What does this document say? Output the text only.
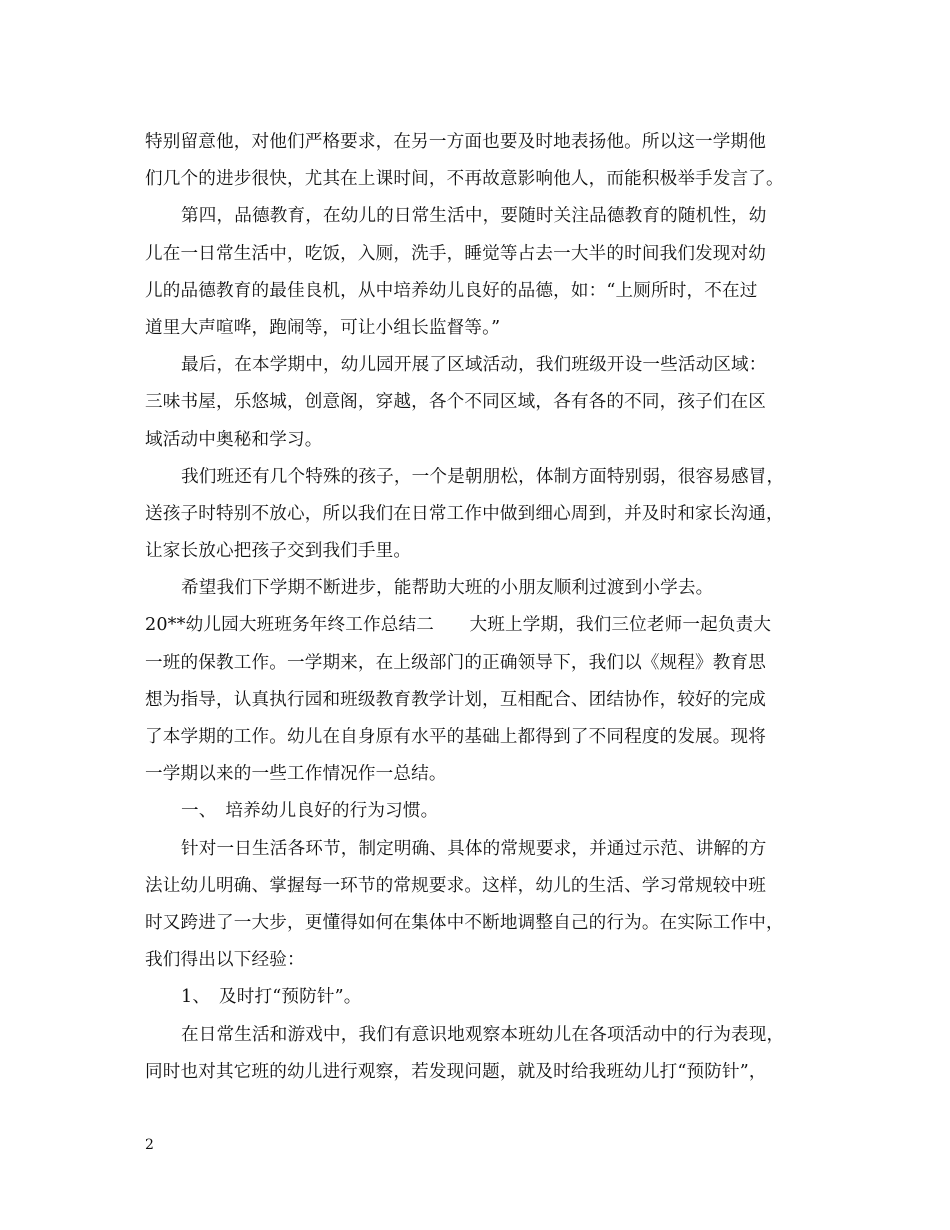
特别留意他，对他们严格要求，在另一方面也要及时地表扬他。所以这一学期他
们几个的进步很快，尤其在上课时间，不再故意影响他人，而能积极举手发言了。
第四，品德教育，在幼儿的日常生活中，要随时关注品德教育的随机性，幼
儿在一日常生活中，吃饭，入厕，洗手，睡觉等占去一大半的时间我们发现对幼
儿的品德教育的最佳良机，从中培养幼儿良好的品德，如：“上厕所时，不在过
道里大声喧哗，跑闹等，可让小组长监督等。”
最后，在本学期中，幼儿园开展了区域活动，我们班级开设一些活动区域：
三味书屋，乐悠城，创意阁，穿越，各个不同区域，各有各的不同，孩子们在区
域活动中奥秘和学习。
我们班还有几个特殊的孩子，一个是朝朋松，体制方面特别弱，很容易感冒，
送孩子时特别不放心，所以我们在日常工作中做到细心周到，并及时和家长沟通，
让家长放心把孩子交到我们手里。
希望我们下学期不断进步，能帮助大班的小朋友顺利过渡到小学去。
20**幼儿园大班班务年终工作总结二　　大班上学期，我们三位老师一起负责大
一班的保教工作。一学期来，在上级部门的正确领导下，我们以《规程》教育思
想为指导，认真执行园和班级教育教学计划，互相配合、团结协作，较好的完成
了本学期的工作。幼儿在自身原有水平的基础上都得到了不同程度的发展。现将
一学期以来的一些工作情况作一总结。
一、　培养幼儿良好的行为习惯。
针对一日生活各环节，制定明确、具体的常规要求，并通过示范、讲解的方
法让幼儿明确、掌握每一环节的常规要求。这样，幼儿的生活、学习常规较中班
时又跨进了一大步，更懂得如何在集体中不断地调整自己的行为。在实际工作中，
我们得出以下经验：
1、　及时打“预防针”。
在日常生活和游戏中，我们有意识地观察本班幼儿在各项活动中的行为表现，
同时也对其它班的幼儿进行观察，若发现问题，就及时给我班幼儿打“预防针”，
2
